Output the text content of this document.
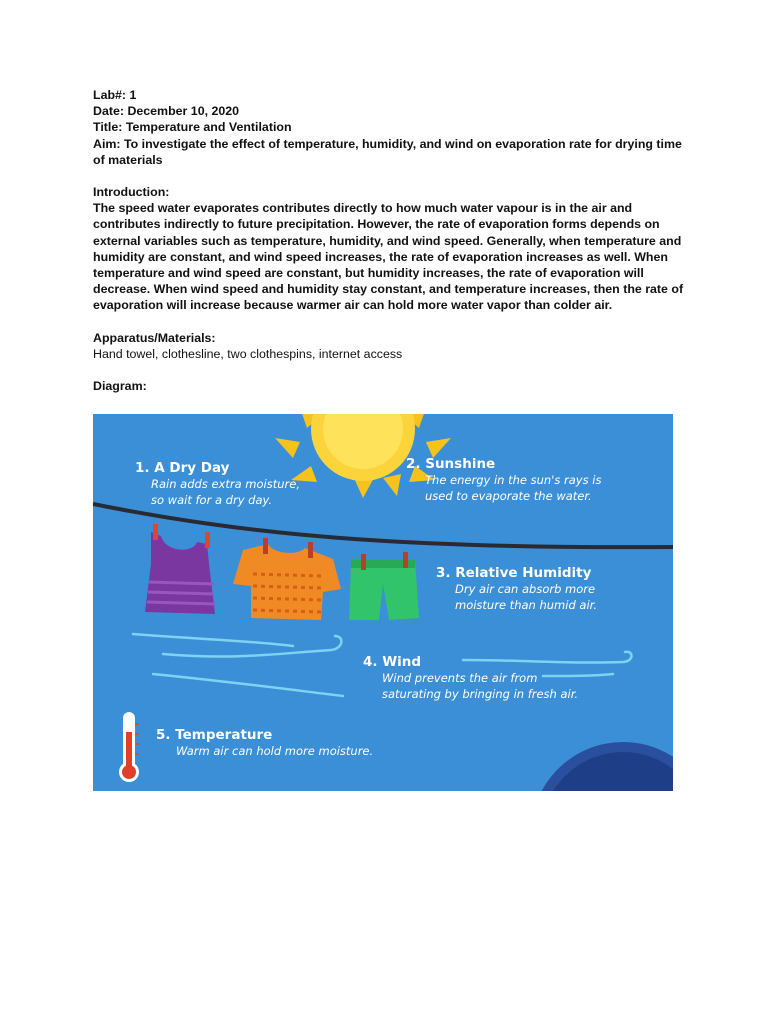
Lab#: 1

Date: December 10, 2020

Title: Temperature and Ventilation

Aim: To investigate the effect of temperature, humidity, and wind on evaporation rate for drying time of materials

Introduction:

The speed water evaporates contributes directly to how much water vapour is in the air and contributes indirectly to future precipitation. However, the rate of evaporation forms depends on external variables such as temperature, humidity, and wind speed. Generally, when temperature and humidity are constant, and wind speed increases, the rate of evaporation increases as well. When temperature and wind speed are constant, but humidity increases, the rate of evaporation will decrease. When wind speed and humidity stay constant, and temperature increases, then the rate of evaporation will increase because warmer air can hold more water vapor than colder air.

Apparatus/Materials:

Hand towel, clothesline, two clothespins, internet access

Diagram:

1. A Dry Day
Rain adds extra moisture,
so wait for a dry day.
2. Sunshine
The energy in the sun's rays is
used to evaporate the water.
3. Relative Humidity
Dry air can absorb more
moisture than humid air.
4. Wind
Wind prevents the air from
saturating by bringing in fresh air.
5. Temperature
Warm air can hold more moisture.
